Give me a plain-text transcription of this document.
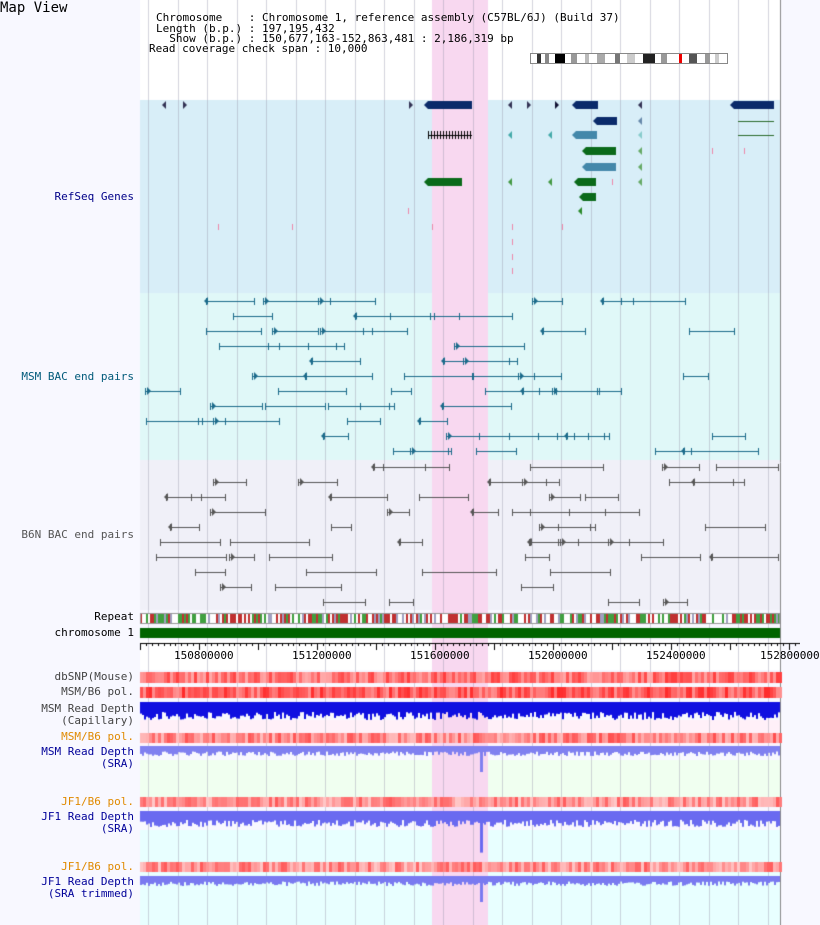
Chromosome    : Chromosome 1, reference assembly (C57BL/6J) (Build 37)
Length (b.p.) : 197,195,432
Show (b.p.) : 150,677,163-152,863,481 : 2,186,319 bp
Read coverage check span : 10,000
RefSeq Genes
MSM BAC end pairs
B6N BAC end pairs
Repeat
chromosome 1
dbSNP(Mouse)
MSM/B6 pol.
MSM Read Depth
(Capillary)
MSM/B6 pol.
MSM Read Depth
(SRA)
JF1/B6 pol.
JF1 Read Depth
(SRA)
JF1/B6 pol.
JF1 Read Depth
(SRA trimmed)
150800000	151200000	151600000	152000000	152400000	152800000
